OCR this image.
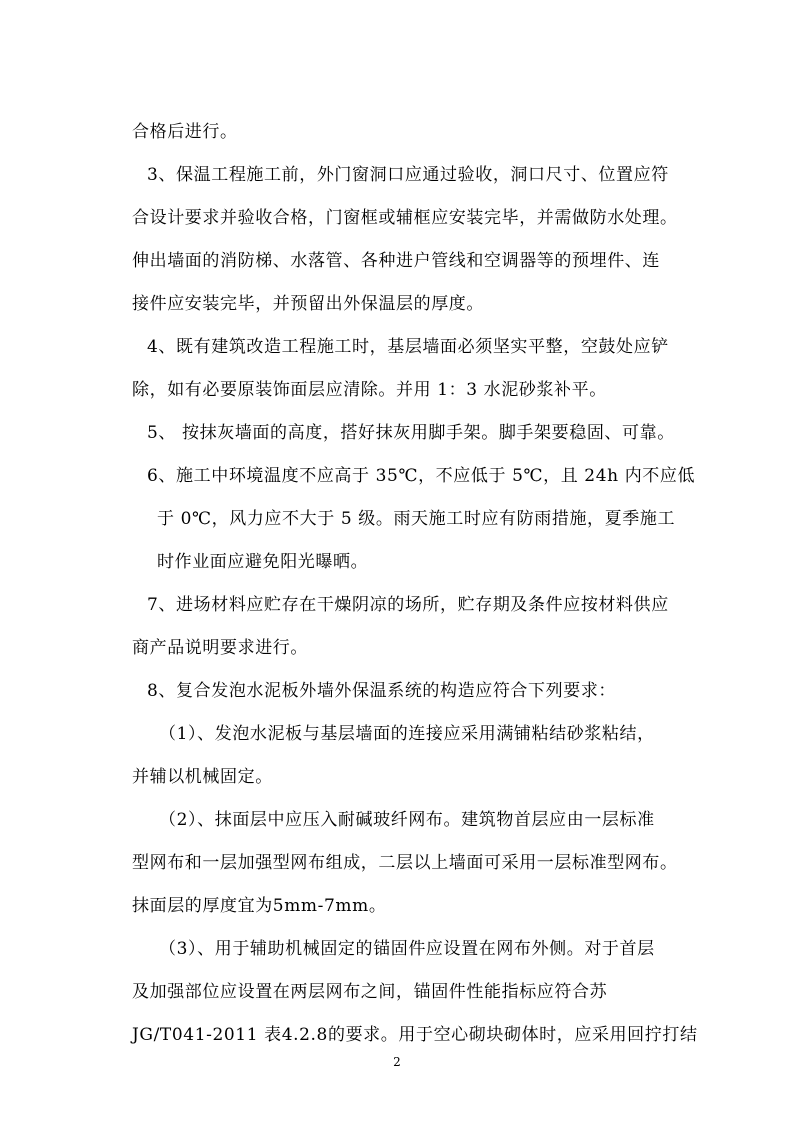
合格后进行。
3、保温工程施工前，外门窗洞口应通过验收，洞口尺寸、位置应符
合设计要求并验收合格，门窗框或辅框应安装完毕，并需做防水处理。
伸出墙面的消防梯、水落管、各种进户管线和空调器等的预埋件、连
接件应安装完毕，并预留出外保温层的厚度。
4、既有建筑改造工程施工时，基层墙面必须坚实平整，空鼓处应铲
除，如有必要原装饰面层应清除。并用 1：3 水泥砂浆补平。
5、 按抹灰墙面的高度，搭好抹灰用脚手架。脚手架要稳固、可靠。
6、施工中环境温度不应高于 35℃，不应低于 5℃，且 24h 内不应低
于 0℃，风力应不大于 5 级。雨天施工时应有防雨措施，夏季施工
时作业面应避免阳光曝晒。
7、进场材料应贮存在干燥阴凉的场所，贮存期及条件应按材料供应
商产品说明要求进行。
8、复合发泡水泥板外墙外保温系统的构造应符合下列要求：
（1）、发泡水泥板与基层墙面的连接应采用满铺粘结砂浆粘结，
并辅以机械固定。
（2）、抹面层中应压入耐碱玻纤网布。建筑物首层应由一层标准
型网布和一层加强型网布组成，二层以上墙面可采用一层标准型网布。
抹面层的厚度宜为5mm-7mm。
（3）、用于辅助机械固定的锚固件应设置在网布外侧。对于首层
及加强部位应设置在两层网布之间，锚固件性能指标应符合苏
JG/T041-2011 表4.2.8的要求。用于空心砌块砌体时，应采用回拧打结
2
